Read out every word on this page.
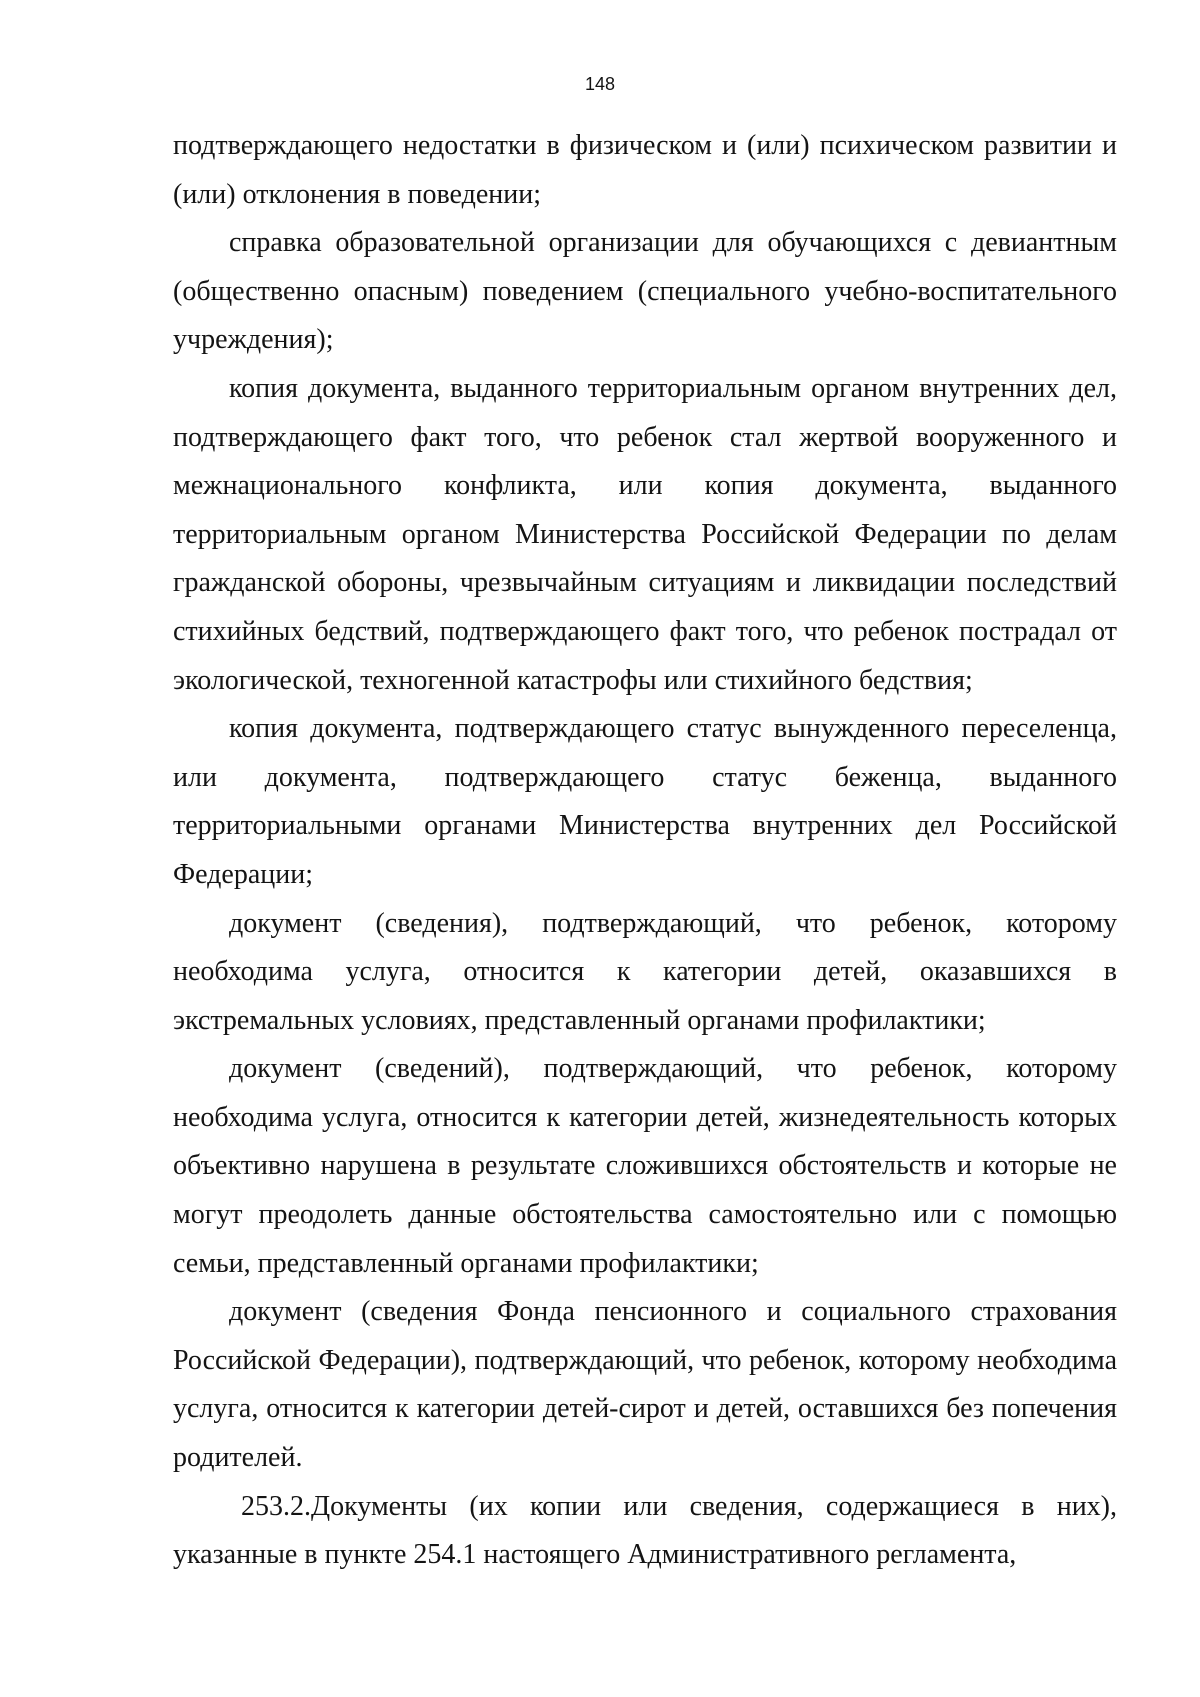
148

подтверждающего недостатки в физическом и (или) психическом развитии и (или) отклонения в поведении;

справка образовательной организации для обучающихся с девиантным (общественно опасным) поведением (специального учебно-воспитательного учреждения);

копия документа, выданного территориальным органом внутренних дел, подтверждающего факт того, что ребенок стал жертвой вооруженного и межнационального конфликта, или копия документа, выданного территориальным органом Министерства Российской Федерации по делам гражданской обороны, чрезвычайным ситуациям и ликвидации последствий стихийных бедствий, подтверждающего факт того, что ребенок пострадал от экологической, техногенной катастрофы или стихийного бедствия;

копия документа, подтверждающего статус вынужденного переселенца, или документа, подтверждающего статус беженца, выданного территориальными органами Министерства внутренних дел Российской Федерации;

документ (сведения), подтверждающий, что ребенок, которому необходима услуга, относится к категории детей, оказавшихся в экстремальных условиях, представленный органами профилактики;

документ (сведений), подтверждающий, что ребенок, которому необходима услуга, относится к категории детей, жизнедеятельность которых объективно нарушена в результате сложившихся обстоятельств и которые не могут преодолеть данные обстоятельства самостоятельно или с помощью семьи, представленный органами профилактики;

документ (сведения Фонда пенсионного и социального страхования Российской Федерации), подтверждающий, что ребенок, которому необходима услуга, относится к категории детей-сирот и детей, оставшихся без попечения родителей.

253.2.Документы (их копии или сведения, содержащиеся в них), указанные в пункте 254.1 настоящего Административного регламента,
